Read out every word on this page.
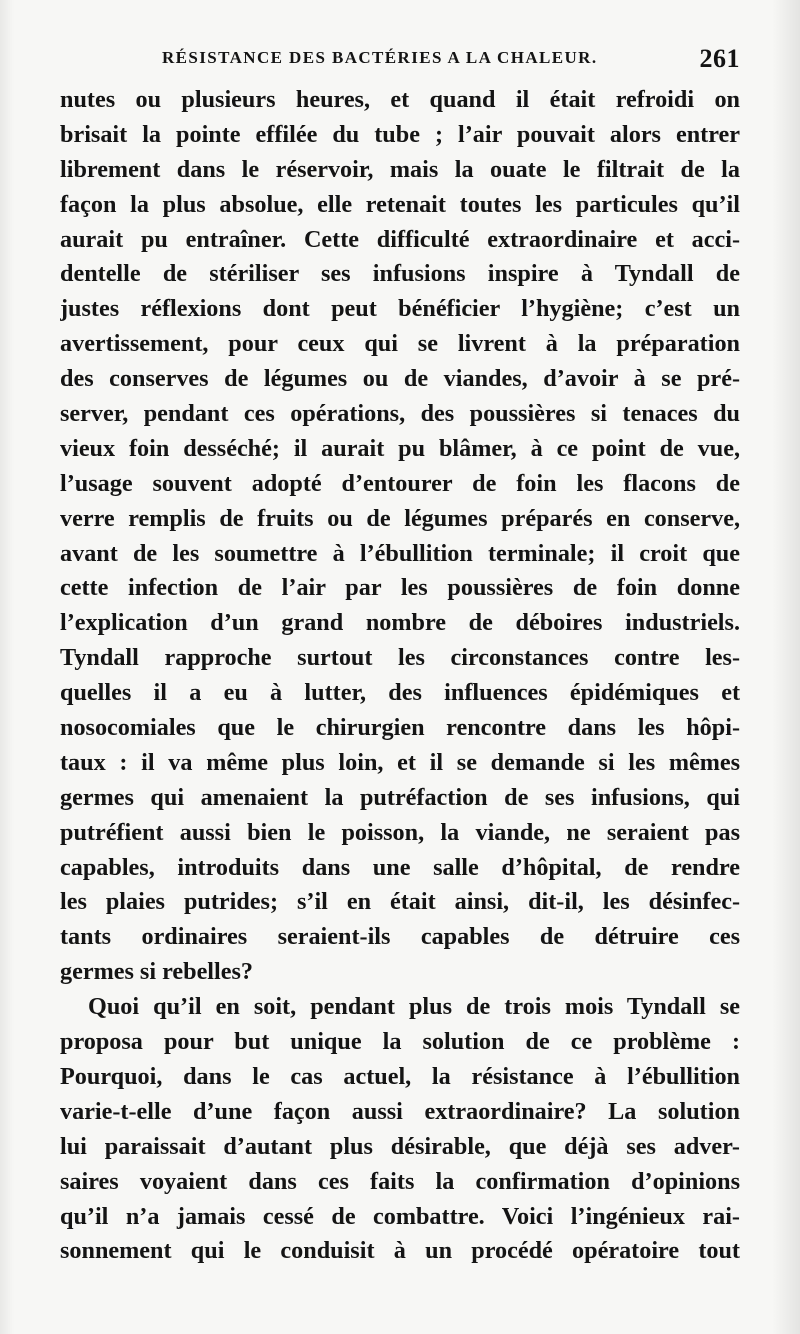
RÉSISTANCE DES BACTÉRIES A LA CHALEUR.	261
nutes ou plusieurs heures, et quand il était refroidi on
brisait la pointe effilée du tube ; l’air pouvait alors entrer
librement dans le réservoir, mais la ouate le filtrait de la
façon la plus absolue, elle retenait toutes les particules qu’il
aurait pu entraîner. Cette difficulté extraordinaire et acci-
dentelle de stériliser ses infusions inspire à Tyndall de
justes réflexions dont peut bénéficier l’hygiène; c’est un
avertissement, pour ceux qui se livrent à la préparation
des conserves de légumes ou de viandes, d’avoir à se pré-
server, pendant ces opérations, des poussières si tenaces du
vieux foin desséché; il aurait pu blâmer, à ce point de vue,
l’usage souvent adopté d’entourer de foin les flacons de
verre remplis de fruits ou de légumes préparés en conserve,
avant de les soumettre à l’ébullition terminale; il croit que
cette infection de l’air par les poussières de foin donne
l’explication d’un grand nombre de déboires industriels.
Tyndall rapproche surtout les circonstances contre les-
quelles il a eu à lutter, des influences épidémiques et
nosocomiales que le chirurgien rencontre dans les hôpi-
taux : il va même plus loin, et il se demande si les mêmes
germes qui amenaient la putréfaction de ses infusions, qui
putréfient aussi bien le poisson, la viande, ne seraient pas
capables, introduits dans une salle d’hôpital, de rendre
les plaies putrides; s’il en était ainsi, dit-il, les désinfec-
tants ordinaires seraient-ils capables de détruire ces
germes si rebelles?
Quoi qu’il en soit, pendant plus de trois mois Tyndall se
proposa pour but unique la solution de ce problème :
Pourquoi, dans le cas actuel, la résistance à l’ébullition
varie-t-elle d’une façon aussi extraordinaire? La solution
lui paraissait d’autant plus désirable, que déjà ses adver-
saires voyaient dans ces faits la confirmation d’opinions
qu’il n’a jamais cessé de combattre. Voici l’ingénieux rai-
sonnement qui le conduisit à un procédé opératoire tout
